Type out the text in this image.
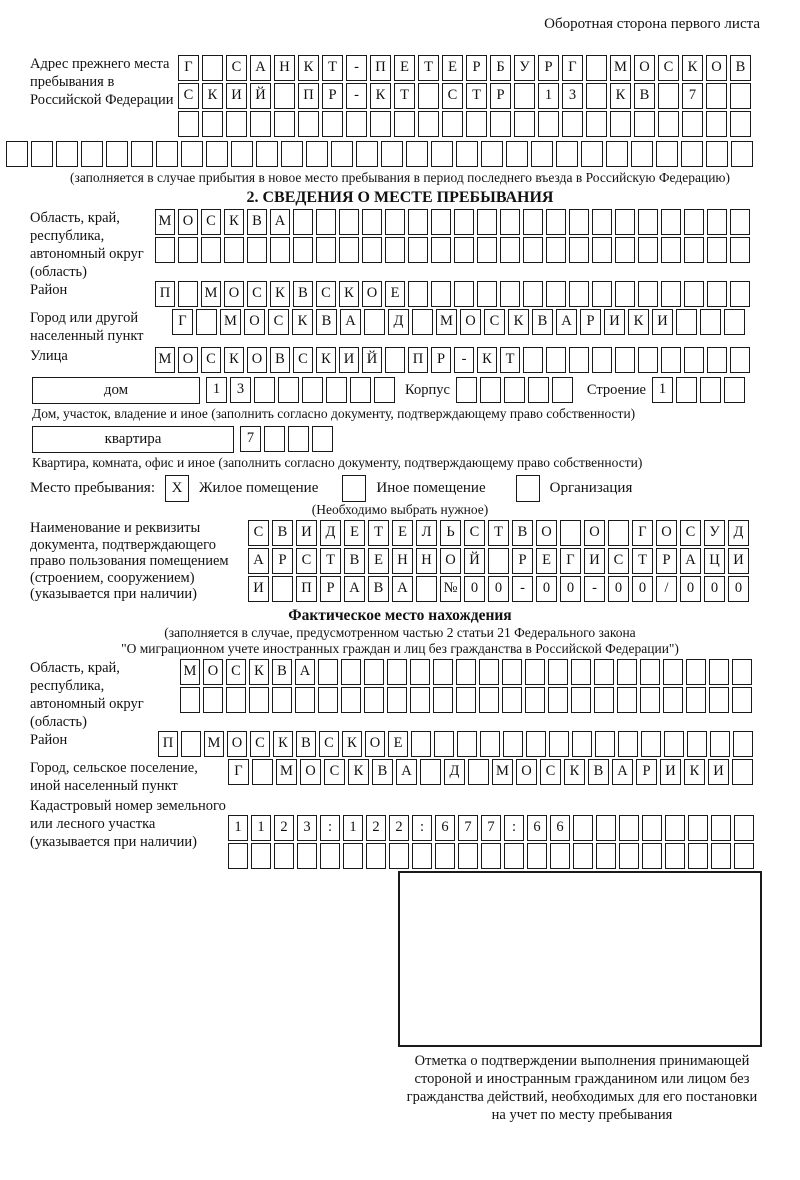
Оборотная сторона первого листа
Адрес прежнего места пребывания в Российской Федерации
Г	С А Н К	Т	-	П Е	Т	Е	Р	Б	У	Р	Г	М О С К О В
С К И Й	П	Р	-	К	Т	С	Т	Р	1	3	К В	7
(заполняется в случае прибытия в новое место пребывания в период последнего въезда в Российскую Федерацию)
2. СВЕДЕНИЯ О МЕСТЕ ПРЕБЫВАНИЯ
Область, край, республика, автономный округ (область)
М О С К В А
Район	П	М О С К В С К О Е
Город или другой населенный пункт
Г	М О С К В А	Д	М О С К В А	Р	И К И
Улица	М О С К О В С К И Й	П Р	-	К Т
дом	1	3	Корпус	Строение 1
Дом, участок, владение и иное (заполнить согласно документу, подтверждающему право собственности)
квартира	7
Квартира, комната, офис и иное (заполнить согласно документу, подтверждающему право собственности)
Место пребывания:	X	Жилое помещение	Иное помещение	Организация
(Необходимо выбрать нужное)
Наименование и реквизиты документа, подтверждающего право пользования помещением (строением, сооружением) (указывается при наличии)
С В И Д	Е	Т	Е	Л	Ь	С	Т	В О	О	Г	О С У Д
А	Р	С	Т	В	Е Н Н О Й	Р	Е	Г	И С	Т	Р	А Ц И
И	П	Р	А В А	№ 0	0	-	0	0	-	0	0	/	0	0	0
Фактическое место нахождения
(заполняется в случае, предусмотренном частью 2 статьи 21 Федерального закона
"О миграционном учете иностранных граждан и лиц без гражданства в Российской Федерации")
Область, край, республика, автономный округ (область)
М О С К В А
Район	П	М О С К В С К О Е
Город, сельское поселение, иной населенный пункт
Г	М О С К В А	Д	М О С К В А	Р	И К И
Кадастровый номер земельного или лесного участка (указывается при наличии)
1	1	2	3	:	1	2	2	:	6	7	7	:	6	6
Отметка о подтверждении выполнения принимающей стороной и иностранным гражданином или лицом без гражданства действий, необходимых для его постановки на учет по месту пребывания
